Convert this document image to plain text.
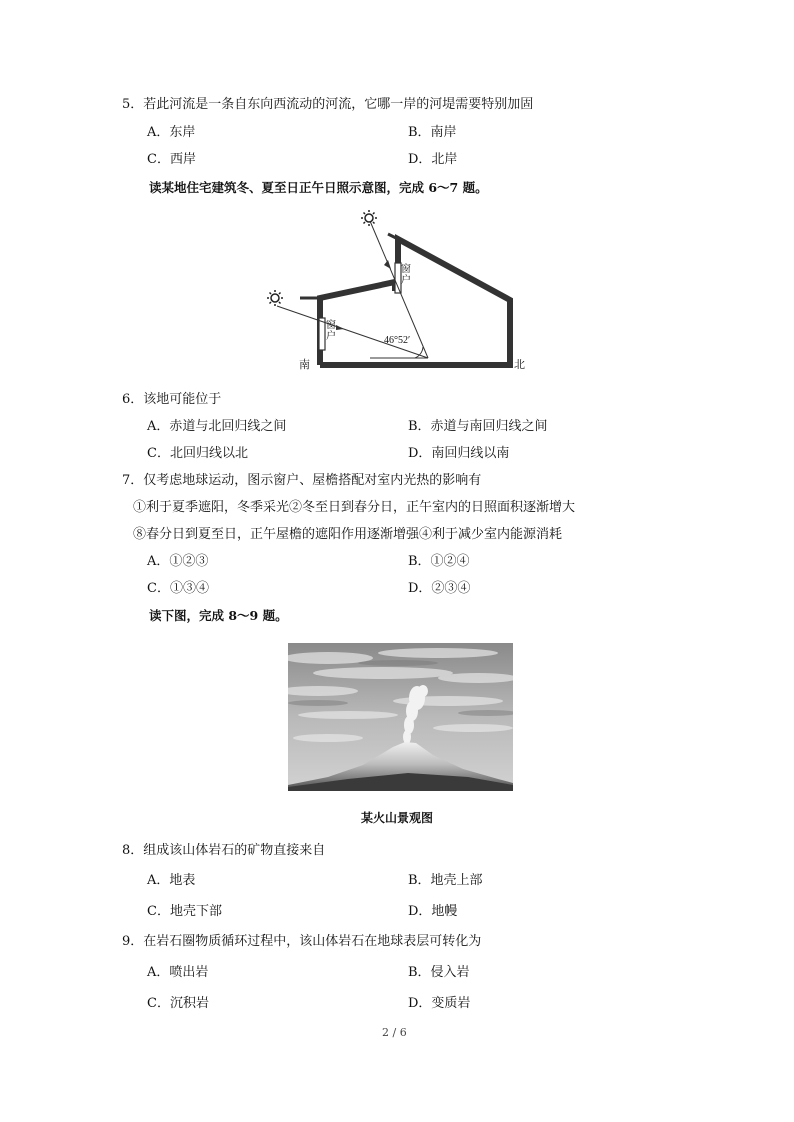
5．若此河流是一条自东向西流动的河流，它哪一岸的河堤需要特别加固
A．东岸	B．南岸
C．西岸	D．北岸
读某地住宅建筑冬、夏至日正午日照示意图，完成 6～7 题。
窗户
窗户	46°52′
南	北
6．该地可能位于
A．赤道与北回归线之间	B．赤道与南回归线之间
C．北回归线以北	D．南回归线以南
7．仅考虑地球运动，图示窗户、屋檐搭配对室内光热的影响有
①利于夏季遮阳，冬季采光②冬至日到春分日，正午室内的日照面积逐渐增大
⑧春分日到夏至日，正午屋檐的遮阳作用逐渐增强④利于减少室内能源消耗
A．①②③	B．①②④
C．①③④	D．②③④
读下图，完成 8～9 题。
某火山景观图
8．组成该山体岩石的矿物直接来自
A．地表	B．地壳上部
C．地壳下部	D．地幔
9．在岩石圈物质循环过程中，该山体岩石在地球表层可转化为
A．喷出岩	B．侵入岩
C．沉积岩	D．变质岩
2 / 6
